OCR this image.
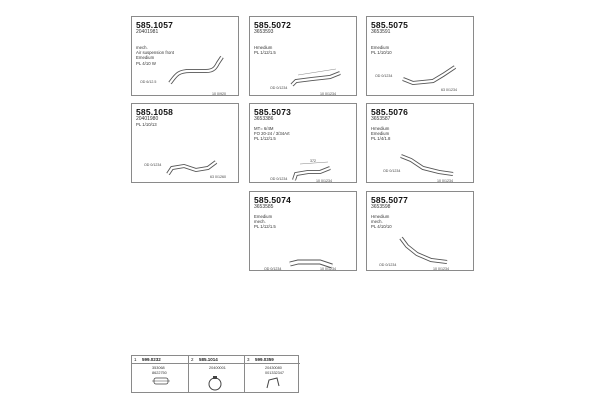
585.1057
20401981
mech.
Air suspension front
Emedium
PL 4/10 W
OD 6/12.5
10 0/920
585.5072
3653593
Hmedium
PL 1/12/1.5
OD 0/1234
10 0/1234
585.5075
3653591
Emedium
PL 1/10/10
OD 0/1234
63 0/1234
585.1058
20401980
PL 1/10/13
OD 0/1234
63 0/1260
585.5073
3653386
MT= 6/4M
FO 20-24 / 3/34Art
PL 1/12/1.5
372
OD 0/1234	10 0/1234
585.5076
3653587
Hmedium
Emedium
PL 1/4/1.8
OD 0/1234
10 0/1234
585.5074
3653585
Emedium
mech.
PL 1/12/1.5
OD 0/1234	10 0/1234
585.5077
3653598
Hmedium
mech.
PL 4/10/10
OD 0/1234
10 0/1234
1 599.0232
353068
8622750
2 585.1014
20400001
3 599.0359
20430080
001332347
